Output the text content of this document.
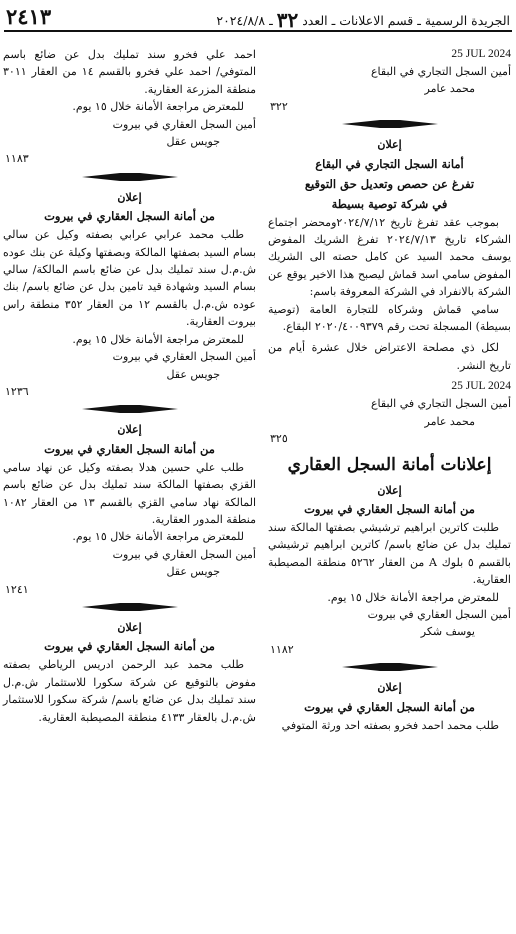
الجريدة الرسمية ـ قسم الاعلانات ـ العدد ٣٢ ـ ٢٠٢٤/٨/٨
٢٤١٣

25 JUL 2024

أمين السجل التجاري في البقاع

محمد عامر

٣٢٢

إعلان

أمانة السجل التجاري في البقاع

تفرغ عن حصص وتعديل حق التوقيع

في شركة توصية بسيطة

بموجب عقد تفرغ تاريخ ٢٠٢٤/٧/١٢ومحضر اجتماع الشركاء تاريخ ٢٠٢٤/٧/١٣ تفرغ الشريك المفوض يوسف محمد السيد عن كامل حصته الى الشريك المفوض سامي اسد قماش ليصبح هذا الاخير يوقع عن الشركة بالانفراد في الشركة المعروفة باسم:

سامي قماش وشركاه للتجارة العامة (توصية بسيطة) المسجلة تحت رقم ٢٠٢٠/٤٠٠٩٣٧٩ البقاع.

لكل ذي مصلحة الاعتراض خلال عشرة أيام من تاريخ النشر.

25 JUL 2024

أمين السجل التجاري في البقاع

محمد عامر

٣٢٥

إعلانات أمانة السجل العقاري

إعلان

من أمانة السجل العقاري في بيروت

طلبت كاترين ابراهيم ترشيشي بصفتها المالكة سند تمليك بدل عن ضائع باسم/ كاترين ابراهيم ترشيشي بالقسم ٥ بلوك A من العقار ٥٢٦٢ منطقة المصيطبة العقارية.

للمعترض مراجعة الأمانة خلال ١٥ يوم.

أمين السجل العقاري في بيروت

يوسف شكر

١١٨٢

إعلان

من أمانة السجل العقاري في بيروت

طلب محمد احمد فخرو بصفته احد ورثة المتوفي

احمد علي فخرو سند تمليك بدل عن ضائع باسم المتوفي/ احمد علي فخرو بالقسم ١٤ من العقار ٣٠١١ منطقة المزرعة العقارية.

للمعترض مراجعة الأمانة خلال ١٥ يوم.

أمين السجل العقاري في بيروت

جويس عقل

١١٨٣

إعلان

من أمانة السجل العقاري في بيروت

طلب محمد عرابي عرابي بصفته وكيل عن سالي بسام السيد بصفتها المالكة وبصفتها وكيلة عن بنك عوده ش.م.ل سند تمليك بدل عن ضائع باسم المالكة/ سالي بسام السيد وشهادة قيد تامين بدل عن ضائع باسم/ بنك عوده ش.م.ل بالقسم ١٢ من العقار ٣٥٢ منطقة راس بيروت العقارية.

للمعترض مراجعة الأمانة خلال ١٥ يوم.

أمين السجل العقاري في بيروت

جويس عقل

١٢٣٦

إعلان

من أمانة السجل العقاري في بيروت

طلب علي حسين هدلا بصفته وكيل عن نهاد سامي القزي بصفتها المالكة سند تمليك بدل عن ضائع باسم المالكة نهاد سامي القزي بالقسم ١٣ من العقار ١٠٨٢ منطقة المدور العقارية.

للمعترض مراجعة الأمانة خلال ١٥ يوم.

أمين السجل العقاري في بيروت

جويس عقل

١٢٤١

إعلان

من أمانة السجل العقاري في بيروت

طلب محمد عبد الرحمن ادريس الرياطي بصفته مفوض بالتوقيع عن شركة سكورا للاستثمار ش.م.ل سند تمليك بدل عن ضائع باسم/ شركة سكورا للاستثمار ش.م.ل بالعقار ٤١٣٣ منطقة المصيطبة العقارية.
